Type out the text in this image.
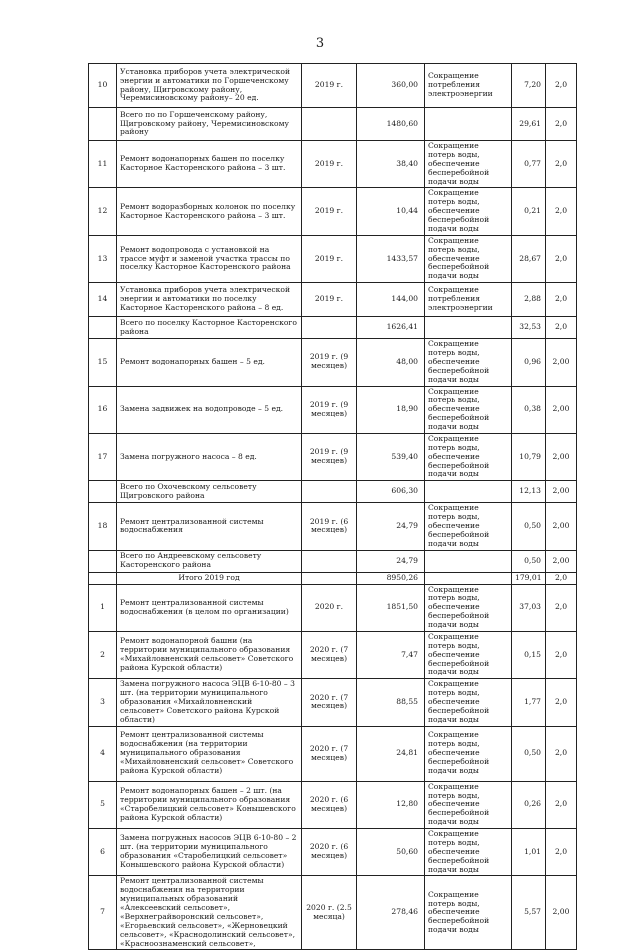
3
10	Установка приборов учета электрической энергии и автоматики по Горшеченскому району, Щигровскому району, Черемисиновскому району– 20 ед.	2019 г.	360,00	Сокращение потребления электроэнергии	7,20	2,0
	Всего по по Горшеченскому району, Щигровскому району, Черемисиновскому району		1480,60		29,61	2,0
11	Ремонт водонапорных башен по поселку Касторное Касторенского района – 3 шт.	2019 г.	38,40	Сокращение потерь воды, обеспечение бесперебойной подачи воды	0,77	2,0
12	Ремонт водоразборных колонок по поселку Касторное Касторенского района – 3 шт.	2019 г.	10,44	Сокращение потерь воды, обеспечение бесперебойной подачи воды	0,21	2,0
13	Ремонт водопровода с установкой на трассе муфт и заменой участка трассы по поселку Касторное Касторенского района	2019 г.	1433,57	Сокращение потерь воды, обеспечение бесперебойной подачи воды	28,67	2,0
14	Установка приборов учета электрической энергии и автоматики по поселку Касторное Касторенского района – 8 ед.	2019 г.	144,00	Сокращение потребления электроэнергии	2,88	2,0
	Всего по поселку Касторное Касторенского района		1626,41		32,53	2,0
15	Ремонт водонапорных башен – 5 ед.	2019 г. (9 месяцев)	48,00	Сокращение потерь воды, обеспечение бесперебойной подачи воды	0,96	2,00
16	Замена задвижек на водопроводе – 5 ед.	2019 г. (9 месяцев)	18,90	Сокращение потерь воды, обеспечение бесперебойной подачи воды	0,38	2,00
17	Замена погружного насоса – 8 ед.	2019 г. (9 месяцев)	539,40	Сокращение потерь воды, обеспечение бесперебойной подачи воды	10,79	2,00
	Всего по Охочевскому сельсовету Щигровского района		606,30		12,13	2,00
18	Ремонт централизованной системы водоснабжения	2019 г. (6 месяцев)	24,79	Сокращение потерь воды, обеспечение бесперебойной подачи воды	0,50	2,00
	Всего по Андреевскому сельсовету Касторенского района		24,79		0,50	2,00
	Итого 2019 год		8950,26		179,01	2,0
1	Ремонт централизованной системы водоснабжения (в целом по организации)	2020 г.	1851,50	Сокращение потерь воды, обеспечение бесперебойной подачи воды	37,03	2,0
2	Ремонт водонапорной башни (на территории муниципального образования «Михайловненский сельсовет» Советского района Курской области)	2020 г. (7 месяцев)	7,47	Сокращение потерь воды, обеспечение бесперебойной подачи воды	0,15	2,0
3	Замена погружного насоса ЭЦВ 6-10-80 – 3 шт. (на территории муниципального образования «Михайловненский сельсовет» Советского района Курской области)	2020 г. (7 месяцев)	88,55	Сокращение потерь воды, обеспечение бесперебойной подачи воды	1,77	2,0
4	Ремонт централизованной системы водоснабжения (на территории муниципального образования «Михайловненский сельсовет» Советского района Курской области)	2020 г. (7 месяцев)	24,81	Сокращение потерь воды, обеспечение бесперебойной подачи воды	0,50	2,0
5	Ремонт водонапорных башен – 2 шт. (на территории муниципального образования «Старобелицкий сельсовет» Конышевского района Курской области)	2020 г. (6 месяцев)	12,80	Сокращение потерь воды, обеспечение бесперебойной подачи воды	0,26	2,0
6	Замена погружных насосов ЭЦВ 6-10-80 – 2 шт. (на территории муниципального образования «Старобелицкий сельсовет» Конышевского района Курской области)	2020 г. (6 месяцев)	50,60	Сокращение потерь воды, обеспечение бесперебойной подачи воды	1,01	2,0
7	Ремонт централизованной системы водоснабжения на территории муниципальных образований «Алексеевский сельсовет», «Верхнеграйворонский сельсовет», «Егорьевский сельсовет», «Жерновецкий сельсовет», «Краснодолинский сельсовет», «Красноознаменский сельсовет»,	2020 г. (2.5 месяца)	278,46	Сокращение потерь воды, обеспечение бесперебойной подачи воды	5,57	2,00
